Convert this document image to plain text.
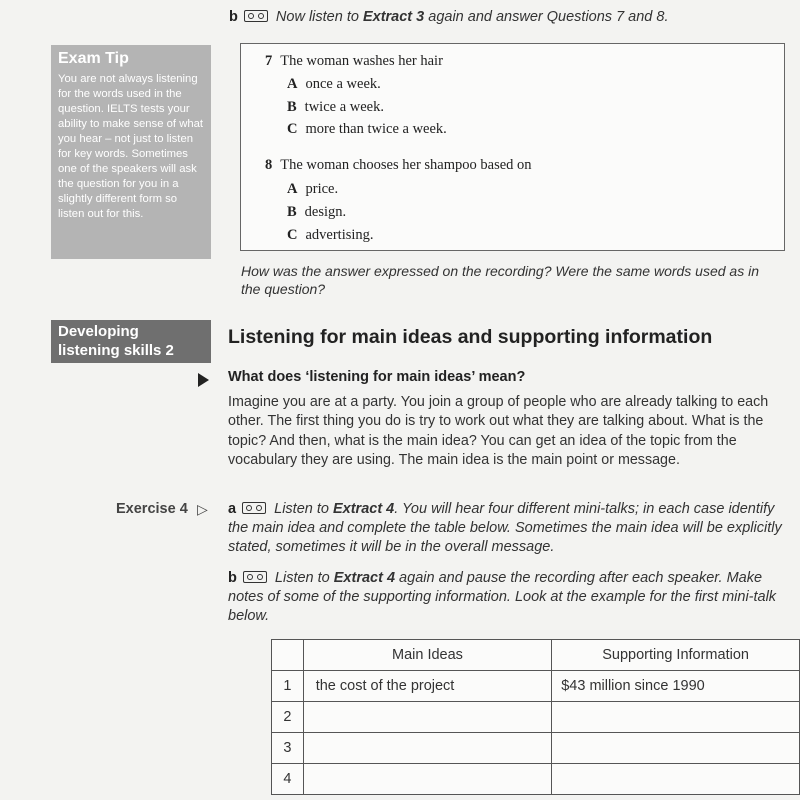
b	Now listen to Extract 3 again and answer Questions 7 and 8.
Exam Tip
You are not always listening for the words used in the question. IELTS tests your ability to make sense of what you hear – not just to listen for key words. Sometimes one of the speakers will ask the question for you in a slightly different form so listen out for this.
7 The woman washes her hair
A once a week.
B twice a week.
C more than twice a week.
8 The woman chooses her shampoo based on
A price.
B design.
C advertising.
How was the answer expressed on the recording? Were the same words used as in the question?
Developing
listening skills 2
Listening for main ideas and supporting information
What does ‘listening for main ideas’ mean?
Imagine you are at a party. You join a group of people who are already talking to each other. The first thing you do is try to work out what they are talking about. What is the topic? And then, what is the main idea? You can get an idea of the topic from the vocabulary they are using. The main idea is the main point or message.
Exercise 4 ▷ a	Listen to Extract 4. You will hear four different mini-talks; in each case identify the main idea and complete the table below. Sometimes the main idea will be explicitly stated, sometimes it will be in the overall message.
b	Listen to Extract 4 again and pause the recording after each speaker. Make notes of some of the supporting information. Look at the example for the first mini-talk below.
	Main Ideas	Supporting Information
1	the cost of the project	$43 million since 1990
2		
3		
4		
